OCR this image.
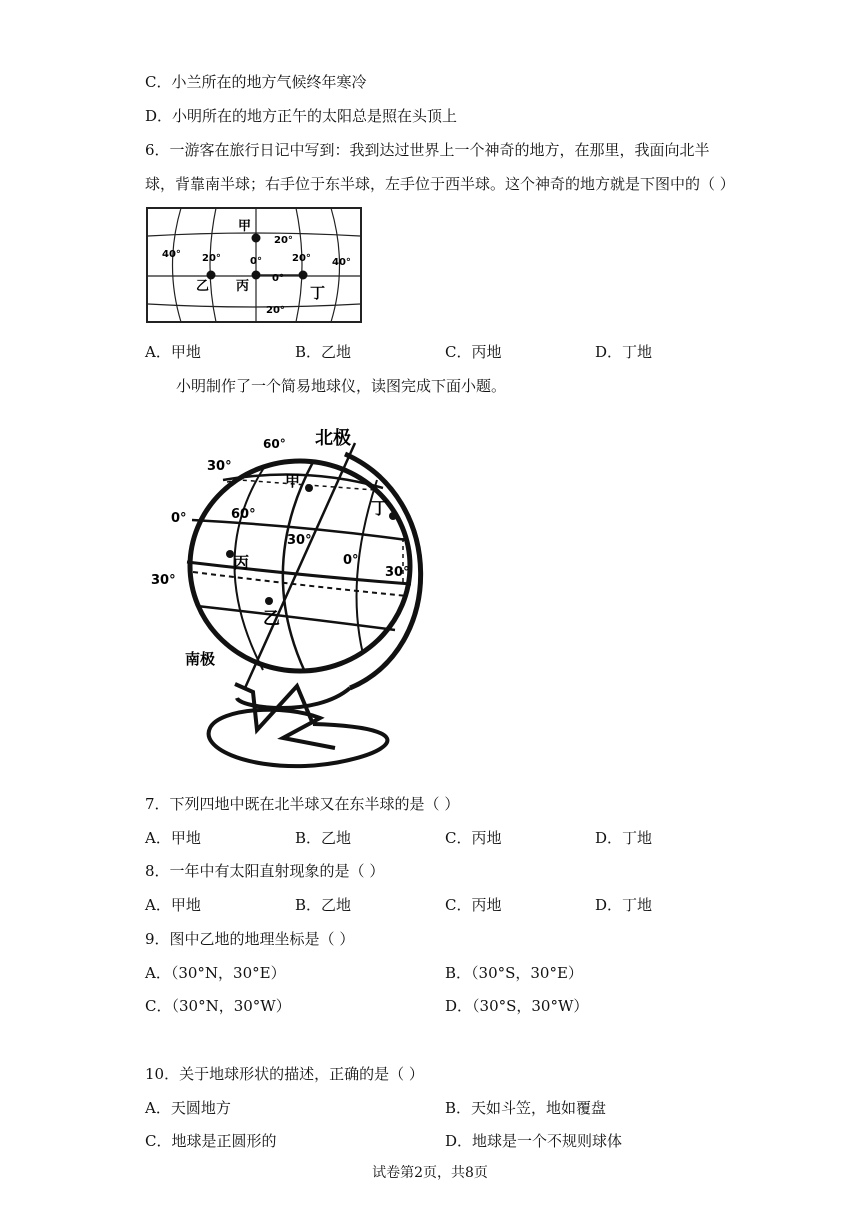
C．小兰所在的地方气候终年寒冷
D．小明所在的地方正午的太阳总是照在头顶上
6．一游客在旅行日记中写到：我到达过世界上一个神奇的地方，在那里，我面向北半
球，背靠南半球；右手位于东半球，左手位于西半球。这个神奇的地方就是下图中的（ ）
甲
乙 丙	丁
40° 20°	0°
0°
20° 40°
20°
20°
A．甲地	B．乙地	C．丙地	D．丁地
小明制作了一个简易地球仪，读图完成下面小题。
北极
南极
甲
丙
丁
乙
60°
30°
0°
30°
60°
30°
0°
30°
7．下列四地中既在北半球又在东半球的是（ ）
A．甲地	B．乙地	C．丙地	D．丁地
8．一年中有太阳直射现象的是（ ）
A．甲地	B．乙地	C．丙地	D．丁地
9．图中乙地的地理坐标是（ ）
A．（30°N，30°E）	B．（30°S，30°E）
C．（30°N，30°W）	D．（30°S，30°W）
10．关于地球形状的描述，正确的是（ ）
A．天圆地方	B．天如斗笠，地如覆盘
C．地球是正圆形的	D．地球是一个不规则球体
试卷第2页，共8页
